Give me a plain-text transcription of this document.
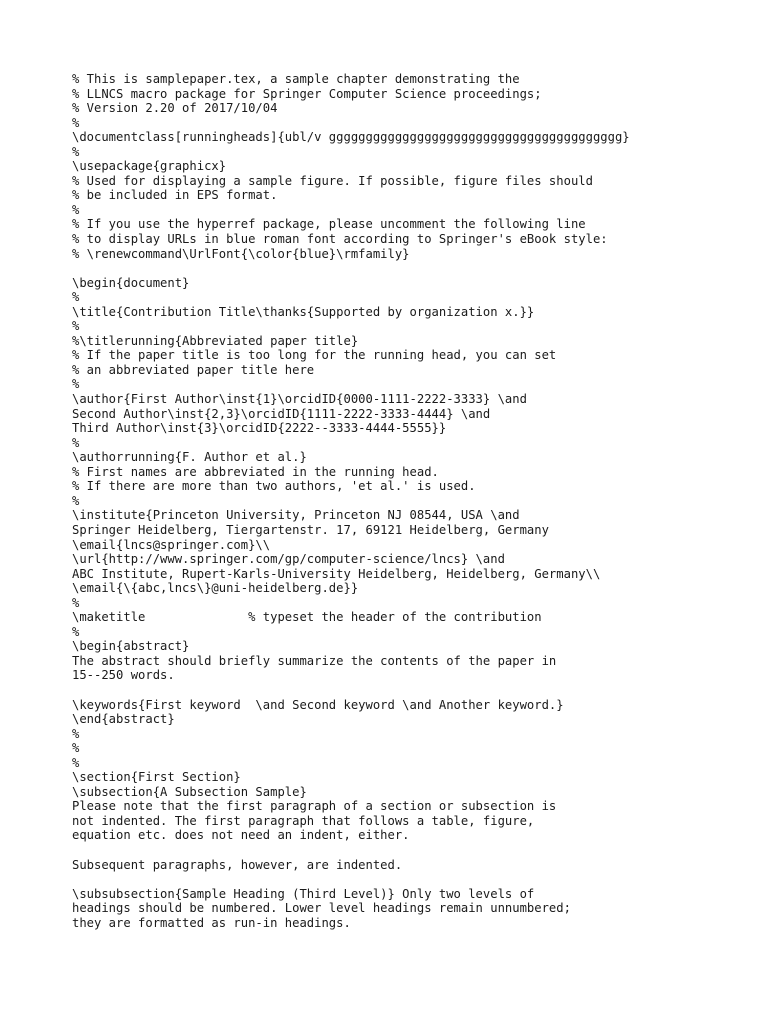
% This is samplepaper.tex, a sample chapter demonstrating the
% LLNCS macro package for Springer Computer Science proceedings;
% Version 2.20 of 2017/10/04
%
\documentclass[runningheads]{ubl/v gggggggggggggggggggggggggggggggggggggggg}
%
\usepackage{graphicx}
% Used for displaying a sample figure. If possible, figure files should
% be included in EPS format.
%
% If you use the hyperref package, please uncomment the following line
% to display URLs in blue roman font according to Springer's eBook style:
% \renewcommand\UrlFont{\color{blue}\rmfamily}
\begin{document}
%
\title{Contribution Title\thanks{Supported by organization x.}}
%
%\titlerunning{Abbreviated paper title}
% If the paper title is too long for the running head, you can set
% an abbreviated paper title here
%
\author{First Author\inst{1}\orcidID{0000-1111-2222-3333} \and
Second Author\inst{2,3}\orcidID{1111-2222-3333-4444} \and
Third Author\inst{3}\orcidID{2222--3333-4444-5555}}
%
\authorrunning{F. Author et al.}
% First names are abbreviated in the running head.
% If there are more than two authors, 'et al.' is used.
%
\institute{Princeton University, Princeton NJ 08544, USA \and
Springer Heidelberg, Tiergartenstr. 17, 69121 Heidelberg, Germany
\email{lncs@springer.com}\\
\url{http://www.springer.com/gp/computer-science/lncs} \and
ABC Institute, Rupert-Karls-University Heidelberg, Heidelberg, Germany\\
\email{\{abc,lncs\}@uni-heidelberg.de}}
%
\maketitle              % typeset the header of the contribution
%
\begin{abstract}
The abstract should briefly summarize the contents of the paper in
15--250 words.
\keywords{First keyword  \and Second keyword \and Another keyword.}
\end{abstract}
%
%
%
\section{First Section}
\subsection{A Subsection Sample}
Please note that the first paragraph of a section or subsection is
not indented. The first paragraph that follows a table, figure,
equation etc. does not need an indent, either.
Subsequent paragraphs, however, are indented.
\subsubsection{Sample Heading (Third Level)} Only two levels of
headings should be numbered. Lower level headings remain unnumbered;
they are formatted as run-in headings.
